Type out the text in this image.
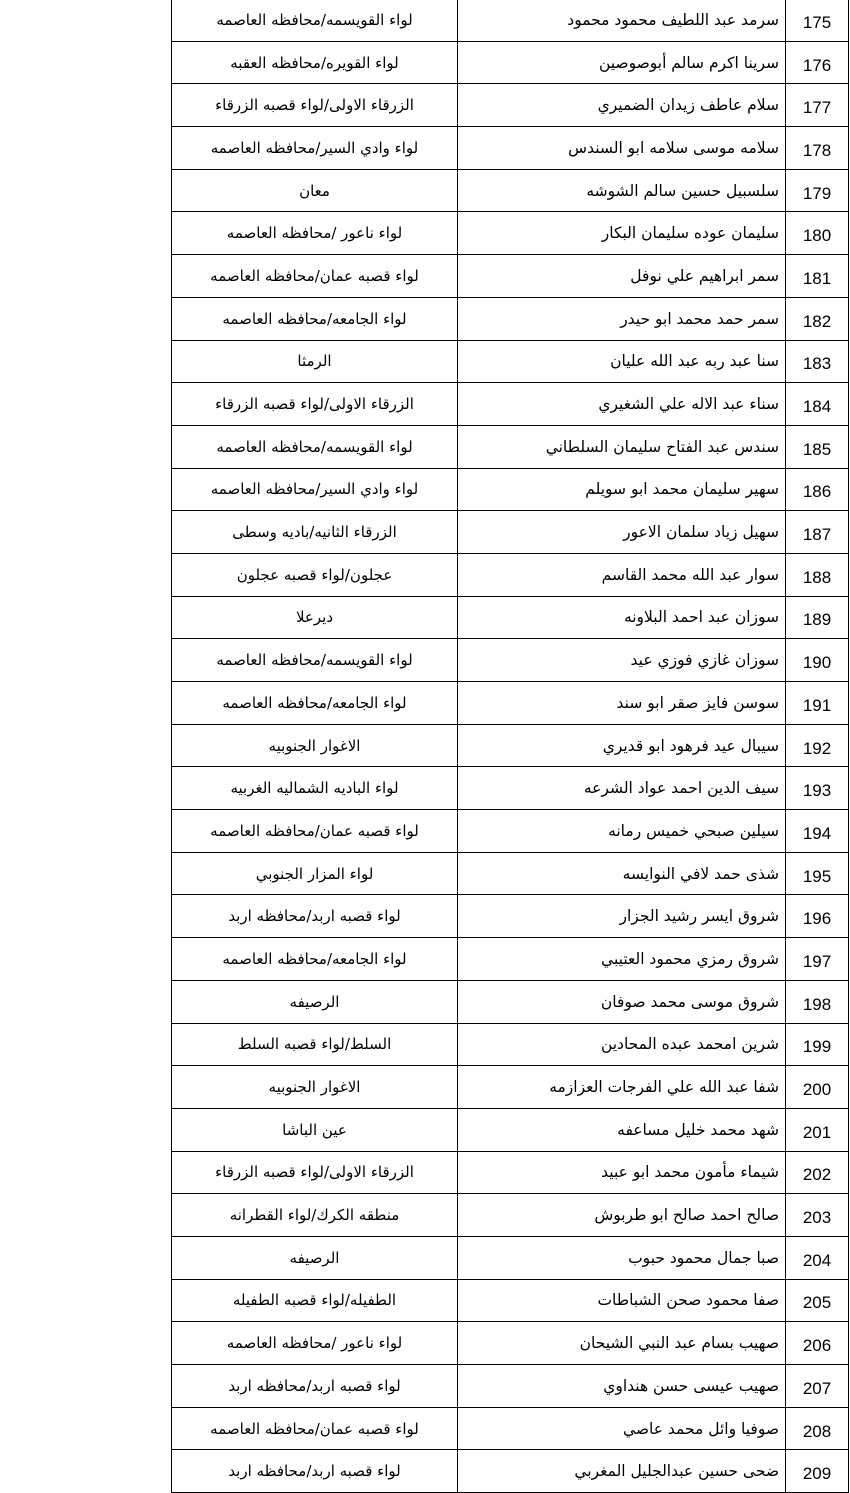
لواء القويسمه/محافظه العاصمه	سرمد عبد اللطيف محمود محمود	175
لواء القويره/محافظه العقبه	سرينا اكرم سالم أبوصوصين	176
الزرقاء الاولى/لواء قصبه الزرقاء	سلام عاطف زيدان الضميري	177
لواء وادي السير/محافظه العاصمه	سلامه موسى سلامه ابو السندس	178
معان	سلسبيل حسين سالم الشوشه	179
لواء ناعور /محافظه العاصمه	سليمان عوده سليمان البكار	180
لواء قصبه عمان/محافظه العاصمه	سمر ابراهيم علي نوفل	181
لواء الجامعه/محافظه العاصمه	سمر حمد محمد ابو حيدر	182
الرمثا	سنا عبد ربه عبد الله عليان	183
الزرقاء الاولى/لواء قصبه الزرقاء	سناء عبد الاله علي الشغيري	184
لواء القويسمه/محافظه العاصمه	سندس عبد الفتاح سليمان السلطاني	185
لواء وادي السير/محافظه العاصمه	سهير سليمان محمد ابو سويلم	186
الزرقاء الثانيه/باديه وسطى	سهيل زياد سلمان الاعور	187
عجلون/لواء قصبه عجلون	سوار عبد الله محمد القاسم	188
ديرعلا	سوزان عبد احمد البلاونه	189
لواء القويسمه/محافظه العاصمه	سوزان غازي فوزي عيد	190
لواء الجامعه/محافظه العاصمه	سوسن فايز صقر ابو سند	191
الاغوار الجنوبيه	سيبال عيد فرهود ابو قديري	192
لواء الباديه الشماليه الغربيه	سيف الدين احمد عواد الشرعه	193
لواء قصبه عمان/محافظه العاصمه	سيلين صبحي خميس رمانه	194
لواء المزار الجنوبي	شذى حمد لافي النوايسه	195
لواء قصبه اربد/محافظه اربد	شروق ايسر رشيد الجزار	196
لواء الجامعه/محافظه العاصمه	شروق رمزي محمود العتيبي	197
الرصيفه	شروق موسى محمد صوفان	198
السلط/لواء قصبه السلط	شرين امحمد عبده المحادين	199
الاغوار الجنوبيه	شفا عبد الله علي الفرجات العزازمه	200
عين الباشا	شهد محمد خليل مساعفه	201
الزرقاء الاولى/لواء قصبه الزرقاء	شيماء مأمون محمد ابو عبيد	202
منطقه الكرك/لواء القطرانه	صالح احمد صالح ابو طربوش	203
الرصيفه	صبا جمال محمود حبوب	204
الطفيله/لواء قصبه الطفيله	صفا محمود صحن الشباطات	205
لواء ناعور /محافظه العاصمه	صهيب بسام عبد النبي الشيحان	206
لواء قصبه اربد/محافظه اربد	صهيب عيسى حسن هنداوي	207
لواء قصبه عمان/محافظه العاصمه	صوفيا وائل محمد عاصي	208
لواء قصبه اربد/محافظه اربد	ضحى حسين عبدالجليل المغربي	209
